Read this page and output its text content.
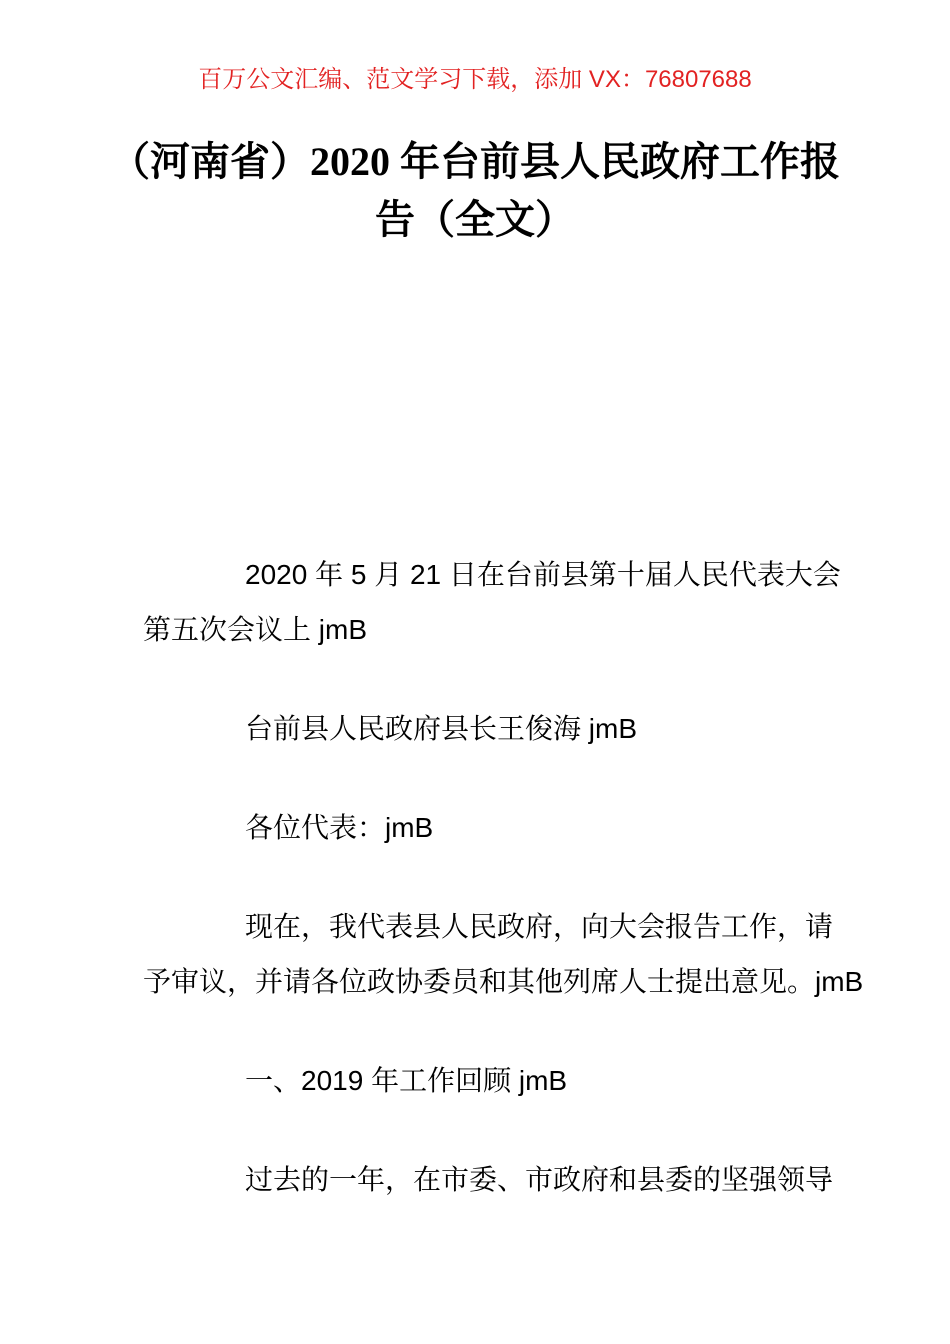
百万公文汇编、范文学习下载，添加 VX：76807688
（河南省）2020 年台前县人民政府工作报
告（全文）

2020 年 5 月 21 日在台前县第十届人民代表大会
第五次会议上 jmB

台前县人民政府县长王俊海 jmB

各位代表：jmB

现在，我代表县人民政府，向大会报告工作，请
予审议，并请各位政协委员和其他列席人士提出意见。jmB

一、2019 年工作回顾 jmB

过去的一年，在市委、市政府和县委的坚强领导
